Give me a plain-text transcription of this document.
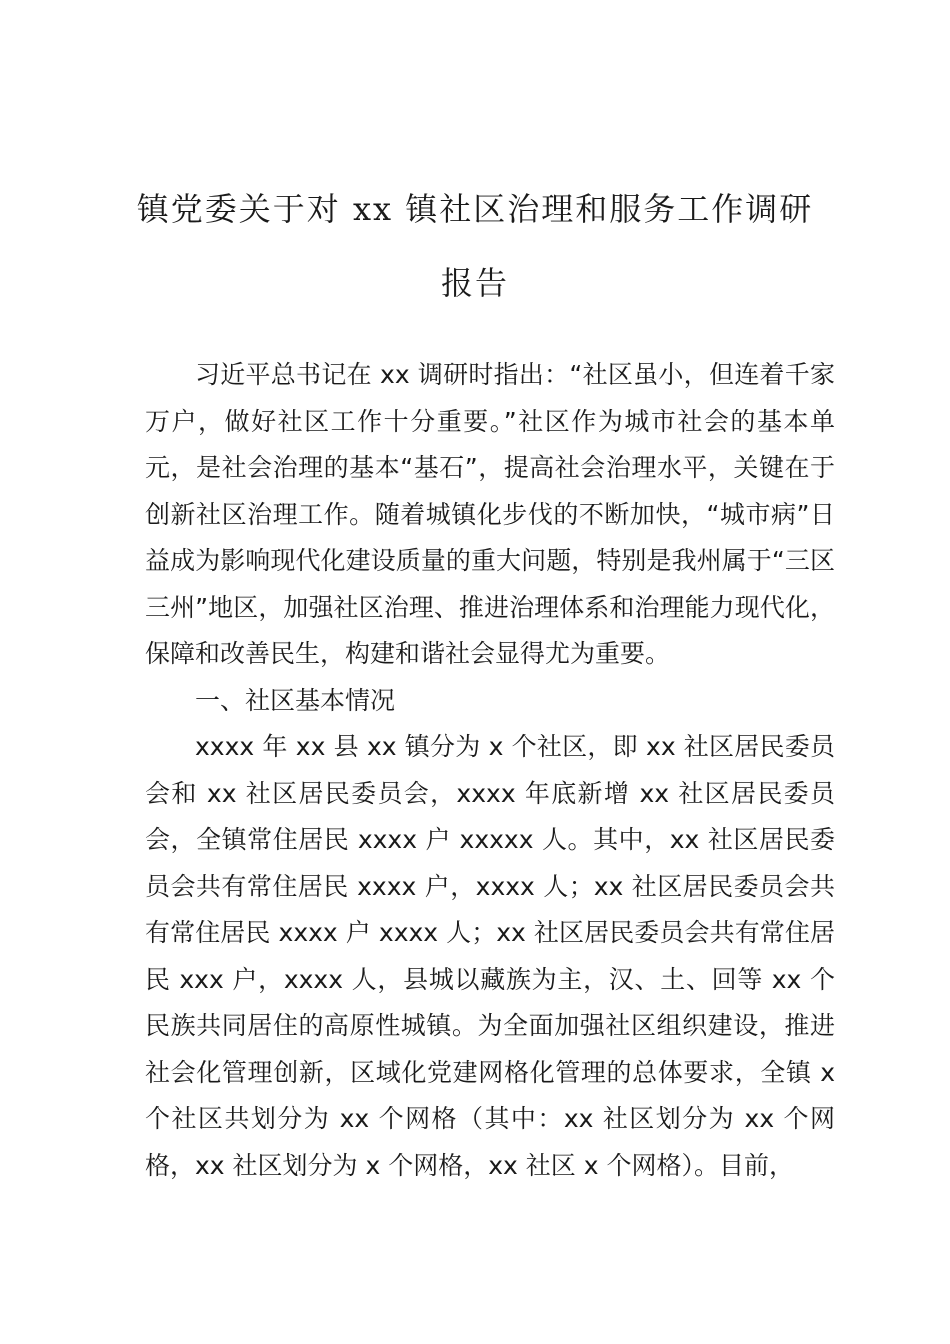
镇党委关于对 xx 镇社区治理和服务工作调研报告

习近平总书记在 xx 调研时指出：“社区虽小，但连着千家万户，做好社区工作十分重要。”社区作为城市社会的基本单元，是社会治理的基本“基石”，提高社会治理水平，关键在于创新社区治理工作。随着城镇化步伐的不断加快，“城市病”日益成为影响现代化建设质量的重大问题，特别是我州属于“三区三州”地区，加强社区治理、推进治理体系和治理能力现代化，保障和改善民生，构建和谐社会显得尤为重要。

一、社区基本情况

xxxx 年 xx 县 xx 镇分为 x 个社区，即 xx 社区居民委员会和 xx 社区居民委员会，xxxx 年底新增 xx 社区居民委员会，全镇常住居民 xxxx 户 xxxxx 人。其中，xx 社区居民委员会共有常住居民 xxxx 户，xxxx 人；xx 社区居民委员会共有常住居民 xxxx 户 xxxx 人；xx 社区居民委员会共有常住居民 xxx 户，xxxx 人，县城以藏族为主，汉、土、回等 xx 个民族共同居住的高原性城镇。为全面加强社区组织建设，推进社会化管理创新，区域化党建网格化管理的总体要求，全镇 x 个社区共划分为 xx 个网格（其中：xx 社区划分为 xx 个网格，xx 社区划分为 x 个网格，xx 社区 x 个网格）。目前，
